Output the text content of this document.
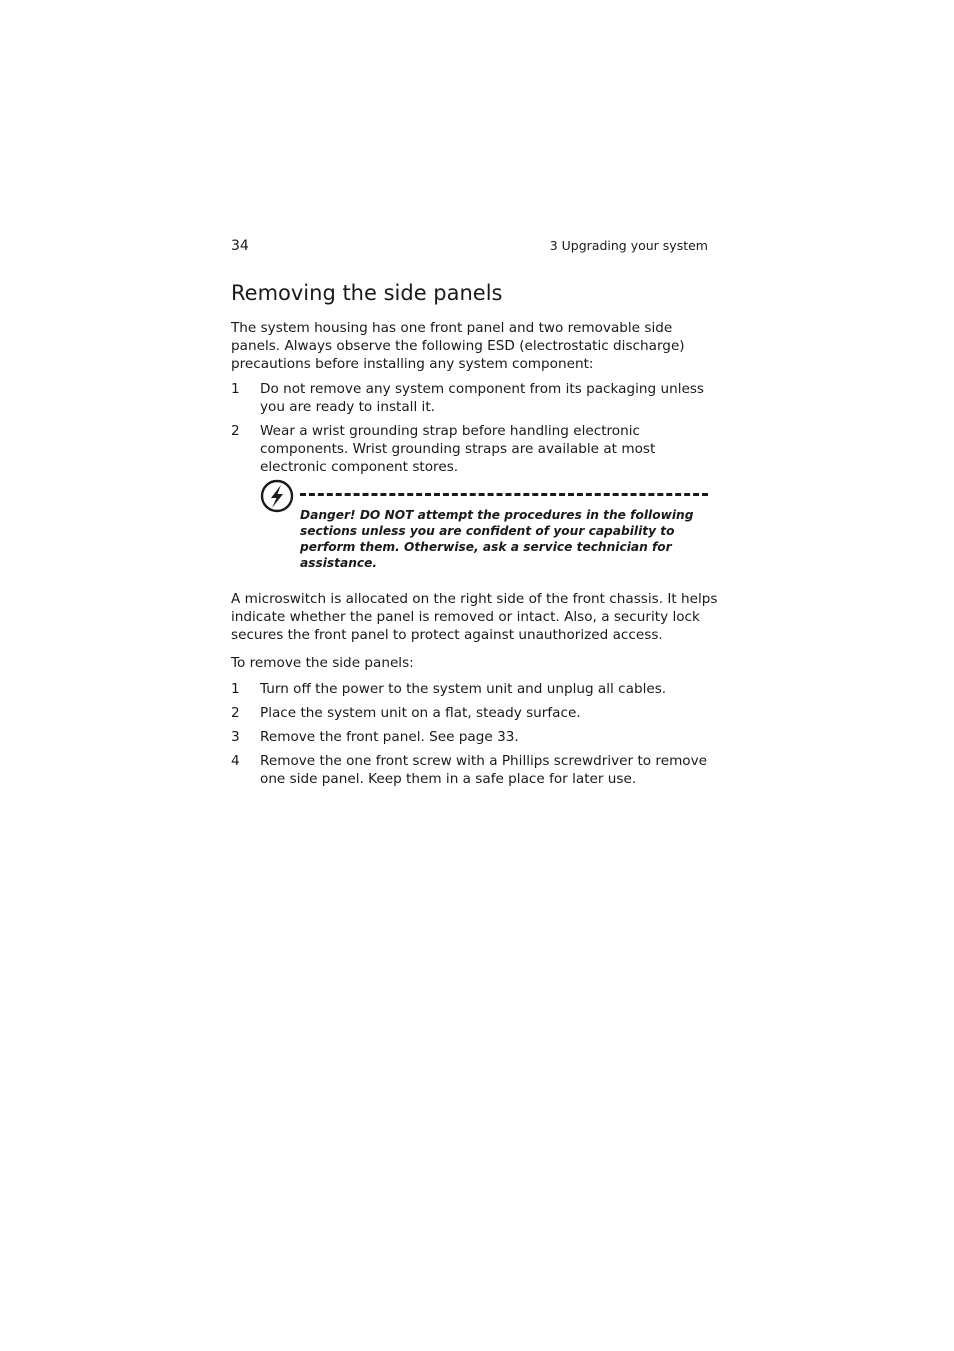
34	3 Upgrading your system
Removing the side panels

The system housing has one front panel and two removable side panels. Always observe the following ESD (electrostatic discharge) precautions before installing any system component:

1 Do not remove any system component from its packaging unless you are ready to install it.
2 Wear a wrist grounding strap before handling electronic components. Wrist grounding straps are available at most electronic component stores.

Danger! DO NOT attempt the procedures in the following sections unless you are confident of your capability to perform them. Otherwise, ask a service technician for assistance.

A microswitch is allocated on the right side of the front chassis. It helps indicate whether the panel is removed or intact. Also, a security lock secures the front panel to protect against unauthorized access.

To remove the side panels:

1 Turn off the power to the system unit and unplug all cables.
2 Place the system unit on a flat, steady surface.
3 Remove the front panel. See page 33.
4 Remove the one front screw with a Phillips screwdriver to remove one side panel. Keep them in a safe place for later use.
